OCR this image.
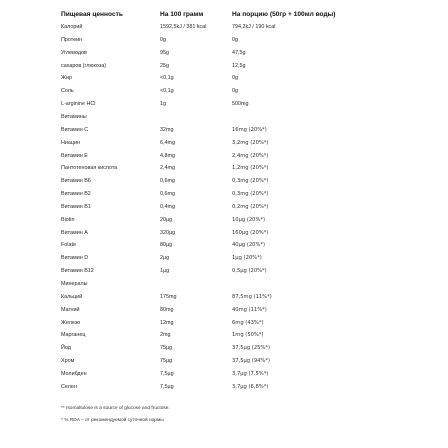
Пищевая ценность	На 100 грамм	На порцию (50гр + 100мл воды)
Калорий	1592,5kJ / 381 kcal	794,2kJ / 190 kcal
Протеин	0g	0g
Углеводов	95g	47,5g
сахаров (глюкоза)	25g	12,5g
Жир	<0,1g	0g
Соль	<0,1g	0g
L-arginine HCl	1g	500mg
Витамины
Витамин C	32mg	16mg (20%*)
Ниацин	6,4mg	3,2mg (20%*)
Витамин E	4,8mg	2,4mg (20%*)
Пантотеновая кислота	2,4mg	1,2mg (20%*)
Витамин B6	0,6mg	0,3mg (20%*)
Витамин B2	0,6mg	0,3mg (20%*)
Витамин B1	0,4mg	0,2mg (20%*)
Biotin	20µg	10µg (20%*)
Витамин A	320µg	160µg (20%*)
Folate	80µg	40µg (20%*)
Витамин D	2µg	1µg (20%*)
Витамин B12	1µg	0,5µg (20%*)
Минералы
Кальций	175mg	87,5mg (11%*)
Магний	80mg	40mg (11%*)
Железо	12mg	6mg (43%*)
Марганец	2mg	1mg (50%*)
Йод	75µg	37,5µg (25%*)
Хром	75µg	37,5µg (94%*)
Молибден	7,5µg	3,7µg (7,5%*)
Селен	7,5µg	3,7µg (6,8%*)
** Isomaltulose is a source of glucose and fructose.
* % RDA – от рекомендуемой суточной нормы
